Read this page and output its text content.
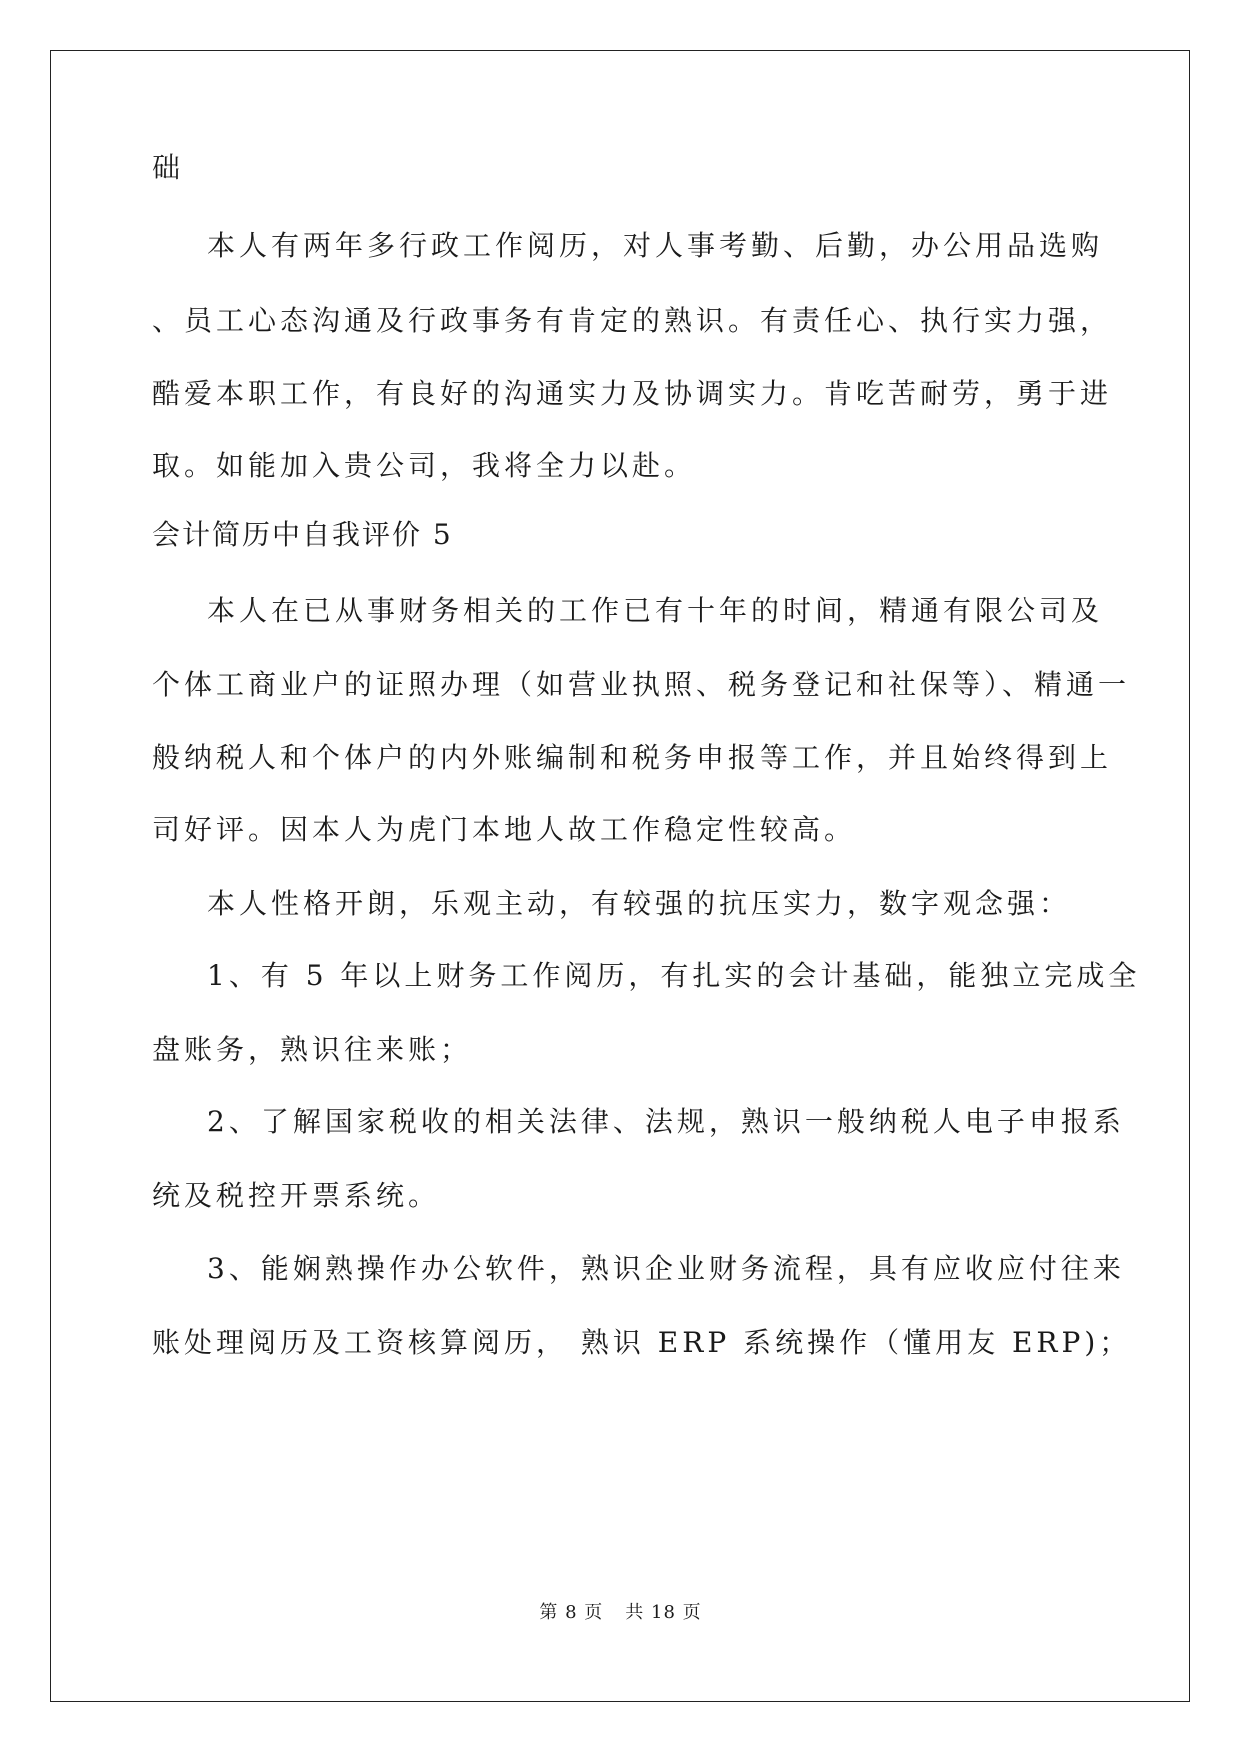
础
本人有两年多行政工作阅历，对人事考勤、后勤，办公用品选购
、员工心态沟通及行政事务有肯定的熟识。有责任心、执行实力强，
酷爱本职工作，有良好的沟通实力及协调实力。肯吃苦耐劳，勇于进
取。如能加入贵公司，我将全力以赴。
会计简历中自我评价 5
本人在已从事财务相关的工作已有十年的时间，精通有限公司及
个体工商业户的证照办理（如营业执照、税务登记和社保等）、精通一
般纳税人和个体户的内外账编制和税务申报等工作，并且始终得到上
司好评。因本人为虎门本地人故工作稳定性较高。
本人性格开朗，乐观主动，有较强的抗压实力，数字观念强：
1、有 5 年以上财务工作阅历，有扎实的会计基础，能独立完成全
盘账务，熟识往来账；
2、了解国家税收的相关法律、法规，熟识一般纳税人电子申报系
统及税控开票系统。
3、能娴熟操作办公软件，熟识企业财务流程，具有应收应付往来
账处理阅历及工资核算阅历， 熟识 ERP 系统操作（懂用友 ERP)；
第 8 页 共 18 页
